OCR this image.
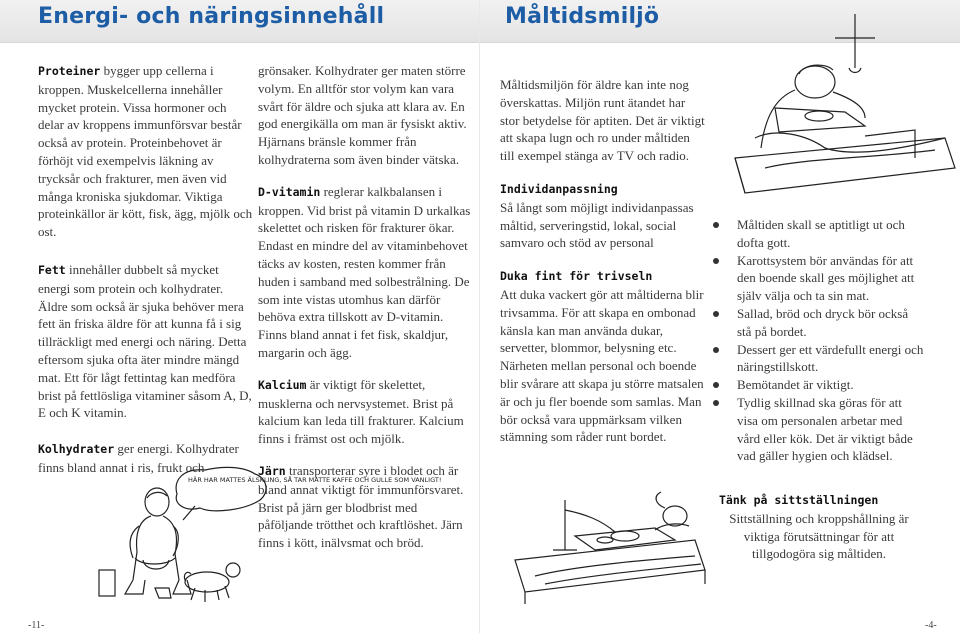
Energi- och näringsinnehåll	Måltidsmiljö

Proteiner bygger upp cellerna i kroppen. Muskelcellerna innehåller mycket protein. Vissa hormoner och delar av kroppens immunförsvar består också av protein. Proteinbehovet är förhöjt vid exempelvis läkning av trycksår och frakturer, men även vid många kroniska sjukdomar. Viktiga proteinkällor är kött, fisk, ägg, mjölk och ost.

Fett innehåller dubbelt så mycket energi som protein och kolhydrater. Äldre som också är sjuka behöver mera fett än friska äldre för att kunna få i sig tillräckligt med energi och näring. Detta eftersom sjuka ofta äter mindre mängd mat. Ett för lågt fettintag kan medföra brist på fettlösliga vitaminer såsom A, D, E och K vitamin.

Kolhydrater ger energi. Kolhydrater finns bland annat i ris, frukt och

grönsaker. Kolhydrater ger maten större volym. En alltför stor volym kan vara svårt för äldre och sjuka att klara av. En god energikälla om man är fysiskt aktiv. Hjärnans bränsle kommer från kolhydraterna som även binder vätska.

D-vitamin reglerar kalkbalansen i kroppen. Vid brist på vitamin D urkalkas skelettet och risken för frakturer ökar. Endast en mindre del av vitaminbehovet täcks av kosten, resten kommer från huden i samband med solbestrålning. De som inte vistas utomhus kan därför behöva extra tillskott av D-vitamin. Finns bland annat i fet fisk, skaldjur, margarin och ägg.

Kalcium är viktigt för skelettet, musklerna och nervsystemet. Brist på kalcium kan leda till frakturer. Kalcium finns i främst ost och mjölk.

Järn transporterar syre i blodet och är bland annat viktigt för immunförsvaret. Brist på järn ger blodbrist med påföljande trötthet och kraftlöshet. Järn finns i kött, inälvsmat och bröd.

HÄR HAR MATTES ÄLSKLING, SÅ TAR MATTE KAFFE OCH GULLE SOM VANLIGT!

Måltidsmiljön för äldre kan inte nog överskattas. Miljön runt ätandet har stor betydelse för aptiten. Det är viktigt att skapa lugn och ro under måltiden till exempel stänga av TV och radio.

Individanpassning
Så långt som möjligt individanpassas måltid, serveringstid, lokal, social samvaro och stöd av personal

Duka fint för trivseln
Att duka vackert gör att måltiderna blir trivsamma. För att skapa en ombonad känsla kan man använda dukar, servetter, blommor, belysning etc. Närheten mellan personal och boende blir svårare att skapa ju större matsalen är och ju fler boende som samlas. Man bör också vara uppmärksam vilken stämning som råder runt bordet.

Måltiden skall se aptitligt ut och dofta gott.
Karottsystem bör användas för att den boende skall ges möjlighet att själv välja och ta sin mat.
Sallad, bröd och dryck bör också stå på bordet.
Dessert ger ett värdefullt energi och näringstillskott.
Bemötandet är viktigt.
Tydlig skillnad ska göras för att visa om personalen arbetar med vård eller kök. Det är viktigt både vad gäller hygien och klädsel.
Tänk på sittställningen
Sittställning och kroppshållning är viktiga förutsättningar för att tillgodogöra sig måltiden.
-11-	-4-
